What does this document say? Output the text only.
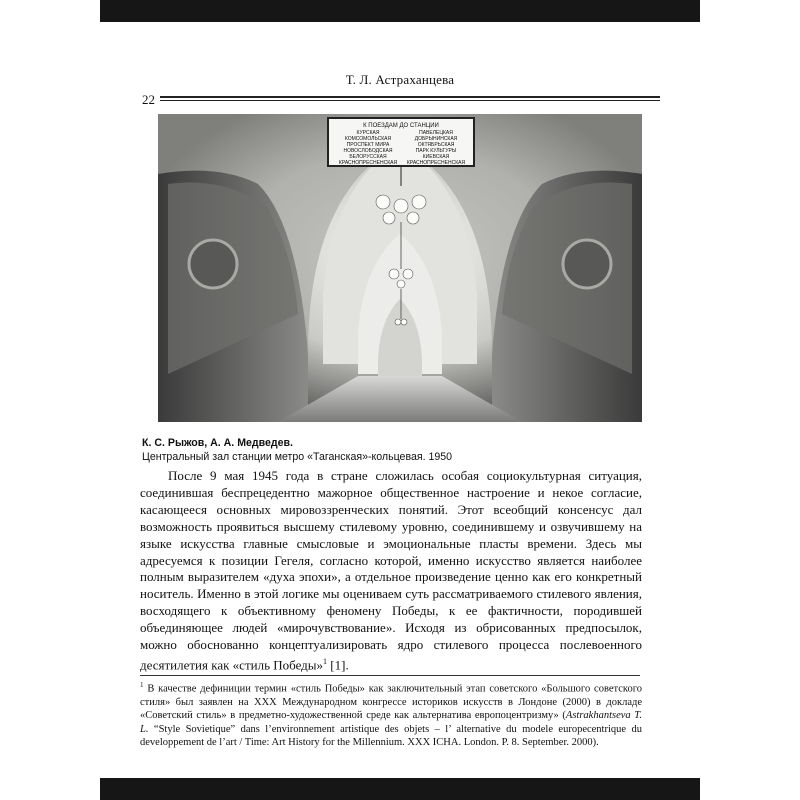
Т. Л. Астраханцева
22
К ПОЕЗДАМ ДО СТАНЦИИ
КУРСКАЯ
КОМСОМОЛЬСКАЯ
ПРОСПЕКТ МИРА
НОВОСЛОБОДСКАЯ
БЕЛОРУССКАЯ
КРАСНОПРЕСНЕНСКАЯ
ПАВЕЛЕЦКАЯ
ДОБРЫНИНСКАЯ
ОКТЯБРЬСКАЯ
ПАРК КУЛЬТУРЫ
КИЕВСКАЯ
КРАСНОПРЕСНЕНСКАЯ
К. С. Рыжов, А. А. Медведев.
Центральный зал станции метро «Таганская»-кольцевая. 1950

После 9 мая 1945 года в стране сложилась особая социокультурная ситуация, соединившая беспрецедентно мажорное общественное настроение и некое согласие, касающееся основных мировоззренческих понятий. Этот всеобщий консенсус дал возможность проявиться высшему стилевому уровню, соединившему и озвучившему на языке искусства главные смысловые и эмоциональные пласты времени. Здесь мы адресуемся к позиции Гегеля, согласно которой, именно искусство является наиболее полным выразителем «духа эпохи», а отдельное произведение ценно как его конкретный носитель. Именно в этой логике мы оцениваем суть рассматриваемого стилевого явления, восходящего к объективному феномену Победы, к ее фактичности, породившей объединяющее людей «мирочувствование». Исходя из обрисованных предпосылок, можно обоснованно концептуализировать ядро стилевого процесса послевоенного десятилетия как «стиль Победы»$^1$ [1].

$^1$ В качестве дефиниции термин «стиль Победы» как заключительный этап советского «Большого советского стиля» был заявлен на XXX Международном конгрессе историков искусств в Лондоне (2000) в докладе «Советский стиль» в предметно-художественной среде как альтернатива европоцентризму» (Astrakhantseva T. L. “Style Sovietique” dans l’environnement artistique des objets – l’ alternative du modele europecentrique du developpement de l’art / Time: Art History for the Millennium. XXX ICHA. London. P. 8. September. 2000).
